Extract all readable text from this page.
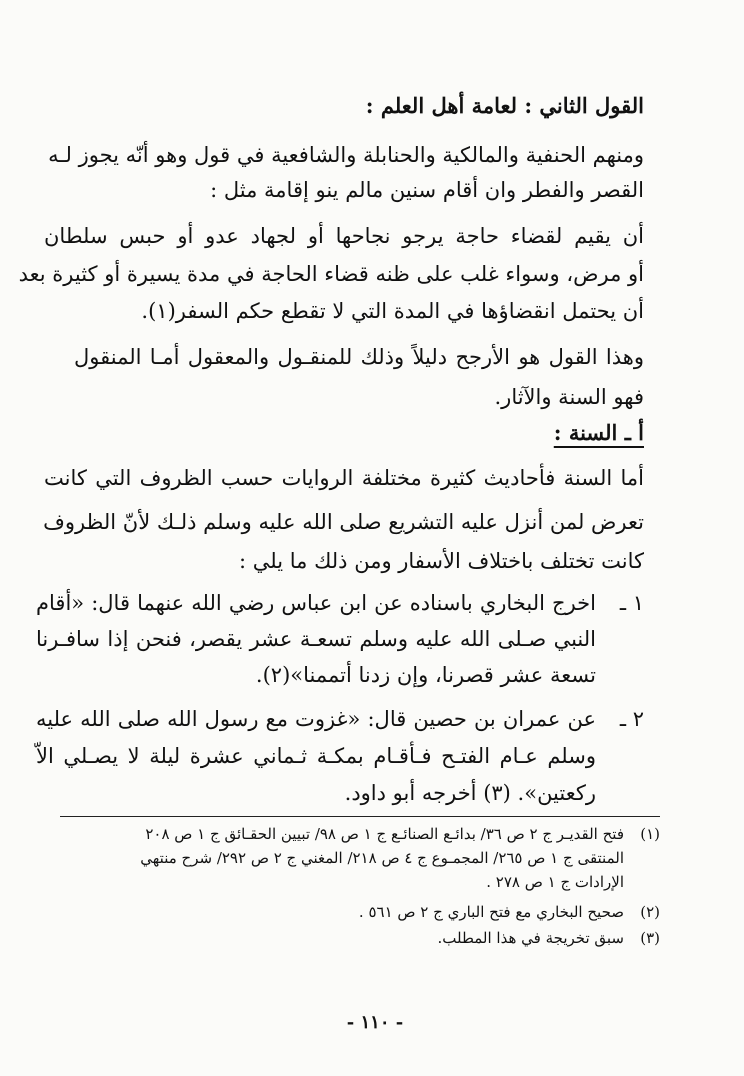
القول الثاني : لعامة أهل العلم :
ومنهم الحنفية والمالكية والحنابلة والشافعية في قول وهو أنّه يجوز لـه
القصر والفطر وان أقام سنين مالم ينو إقامة مثل :
أن يقيم لقضاء حاجة يرجو نجاحها أو لجهاد عدو أو حبس سلطان
أو مرض، وسواء غلب على ظنه قضاء الحاجة في مدة يسيرة أو كثيرة بعد
أن يحتمل انقضاؤها في المدة التي لا تقطع حكم السفر(١).
وهذا القول هو الأرجح دليلاً وذلك للمنقـول والمعقول أمـا المنقول
فهو السنة والآثار.
أ ـ السنة :
أما السنة فأحاديث كثيرة مختلفة الروايات حسب الظروف التي كانت
تعرض لمن أنزل عليه التشريع صلى الله عليه وسلم ذلـك لأنّ الظروف
كانت تختلف باختلاف الأسفار ومن ذلك ما يلي :
١ ـ
اخرج البخاري باسناده عن ابن عباس رضي الله عنهما قال: «أقام
النبي صـلى الله عليه وسلم تسعـة عشر يقصر، فنحن إذا سافـرنا
تسعة عشر قصرنا، وإن زدنا أتممنا»(٢).
٢ ـ
عن عمران بن حصين قال: «غزوت مع رسول الله صلى الله عليه
وسلم عـام الفتـح فـأقـام بمكـة ثـماني عشرة ليلة لا يصـلي الاّ
ركعتين». (٣) أخرجه أبو داود.
(١)
فتح القديـر ج ٢ ص ٣٦/ بدائـع الصنائـع ج ١ ص ٩٨/ تبيين الحقـائق ج ١ ص ٢٠٨
المنتقى ج ١ ص ٢٦٥/ المجمـوع ج ٤ ص ٢١٨/ المغني ج ٢ ص ٢٩٢/ شرح منتهي
الإرادات ج ١ ص ٢٧٨ .
(٢)
صحيح البخاري مع فتح الباري ج ٢ ص ٥٦١ .
(٣)
سبق تخريجة في هذا المطلب.
- ١١٠ -
